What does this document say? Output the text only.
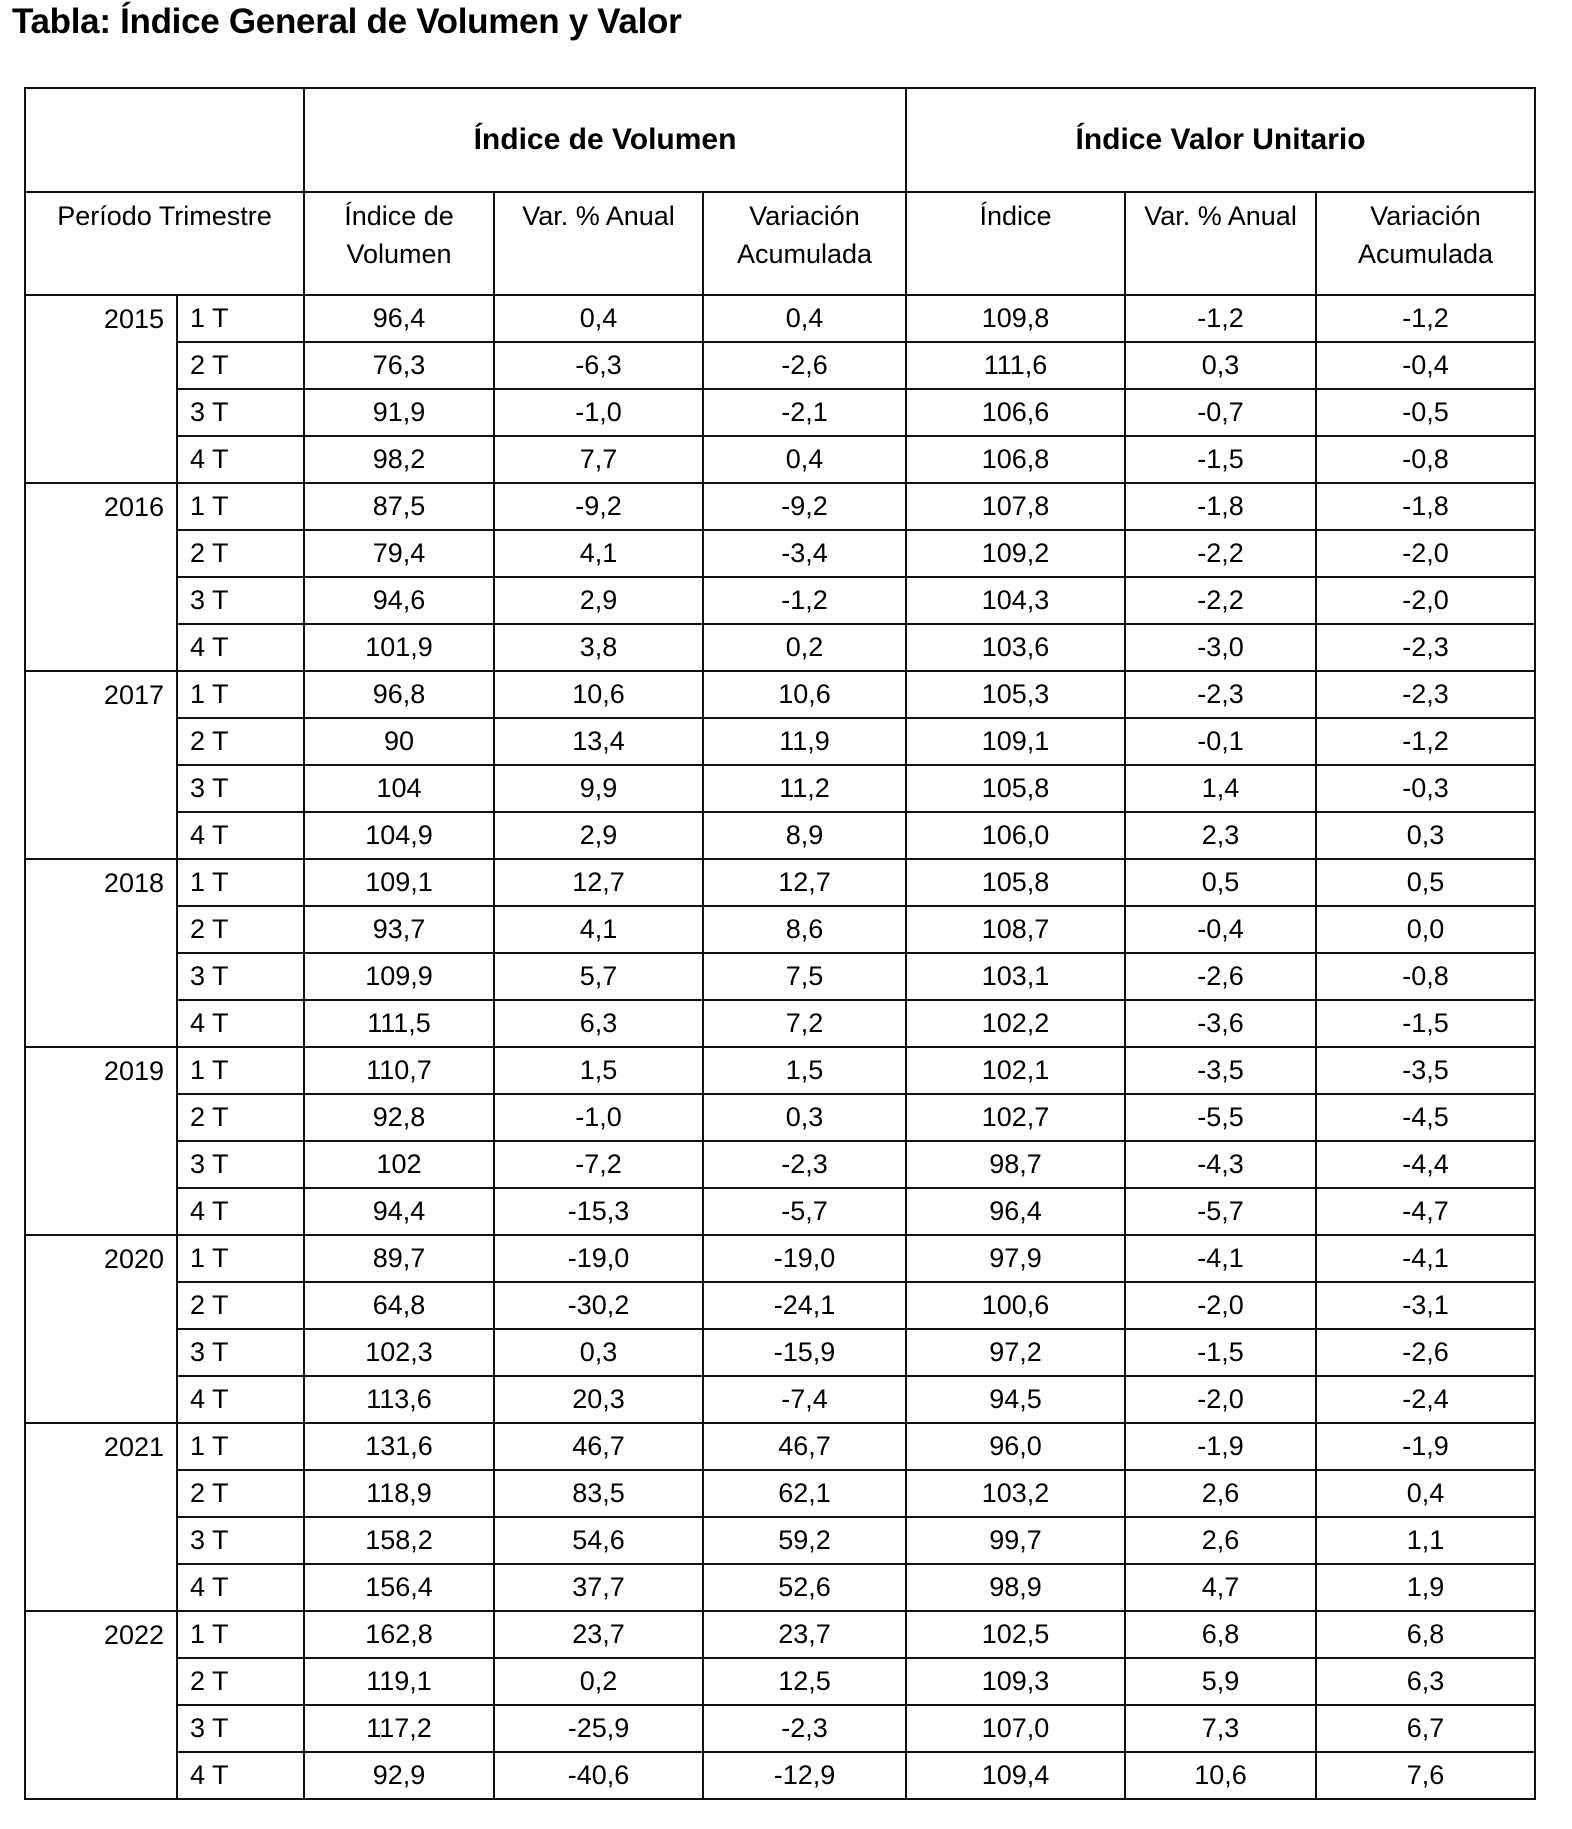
Tabla: Índice General de Volumen y Valor
		Índice de Volumen			Índice Valor Unitario		
Período Trimestre		Índice de Volumen	Var. % Anual	Variación Acumulada	Índice	Var. % Anual	Variación Acumulada
2015	1 T	96,4	0,4	0,4	109,8	-1,2	-1,2
	2 T	76,3	-6,3	-2,6	111,6	0,3	-0,4
	3 T	91,9	-1,0	-2,1	106,6	-0,7	-0,5
	4 T	98,2	7,7	0,4	106,8	-1,5	-0,8
2016	1 T	87,5	-9,2	-9,2	107,8	-1,8	-1,8
	2 T	79,4	4,1	-3,4	109,2	-2,2	-2,0
	3 T	94,6	2,9	-1,2	104,3	-2,2	-2,0
	4 T	101,9	3,8	0,2	103,6	-3,0	-2,3
2017	1 T	96,8	10,6	10,6	105,3	-2,3	-2,3
	2 T	90	13,4	11,9	109,1	-0,1	-1,2
	3 T	104	9,9	11,2	105,8	1,4	-0,3
	4 T	104,9	2,9	8,9	106,0	2,3	0,3
2018	1 T	109,1	12,7	12,7	105,8	0,5	0,5
	2 T	93,7	4,1	8,6	108,7	-0,4	0,0
	3 T	109,9	5,7	7,5	103,1	-2,6	-0,8
	4 T	111,5	6,3	7,2	102,2	-3,6	-1,5
2019	1 T	110,7	1,5	1,5	102,1	-3,5	-3,5
	2 T	92,8	-1,0	0,3	102,7	-5,5	-4,5
	3 T	102	-7,2	-2,3	98,7	-4,3	-4,4
	4 T	94,4	-15,3	-5,7	96,4	-5,7	-4,7
2020	1 T	89,7	-19,0	-19,0	97,9	-4,1	-4,1
	2 T	64,8	-30,2	-24,1	100,6	-2,0	-3,1
	3 T	102,3	0,3	-15,9	97,2	-1,5	-2,6
	4 T	113,6	20,3	-7,4	94,5	-2,0	-2,4
2021	1 T	131,6	46,7	46,7	96,0	-1,9	-1,9
	2 T	118,9	83,5	62,1	103,2	2,6	0,4
	3 T	158,2	54,6	59,2	99,7	2,6	1,1
	4 T	156,4	37,7	52,6	98,9	4,7	1,9
2022	1 T	162,8	23,7	23,7	102,5	6,8	6,8
	2 T	119,1	0,2	12,5	109,3	5,9	6,3
	3 T	117,2	-25,9	-2,3	107,0	7,3	6,7
	4 T	92,9	-40,6	-12,9	109,4	10,6	7,6
